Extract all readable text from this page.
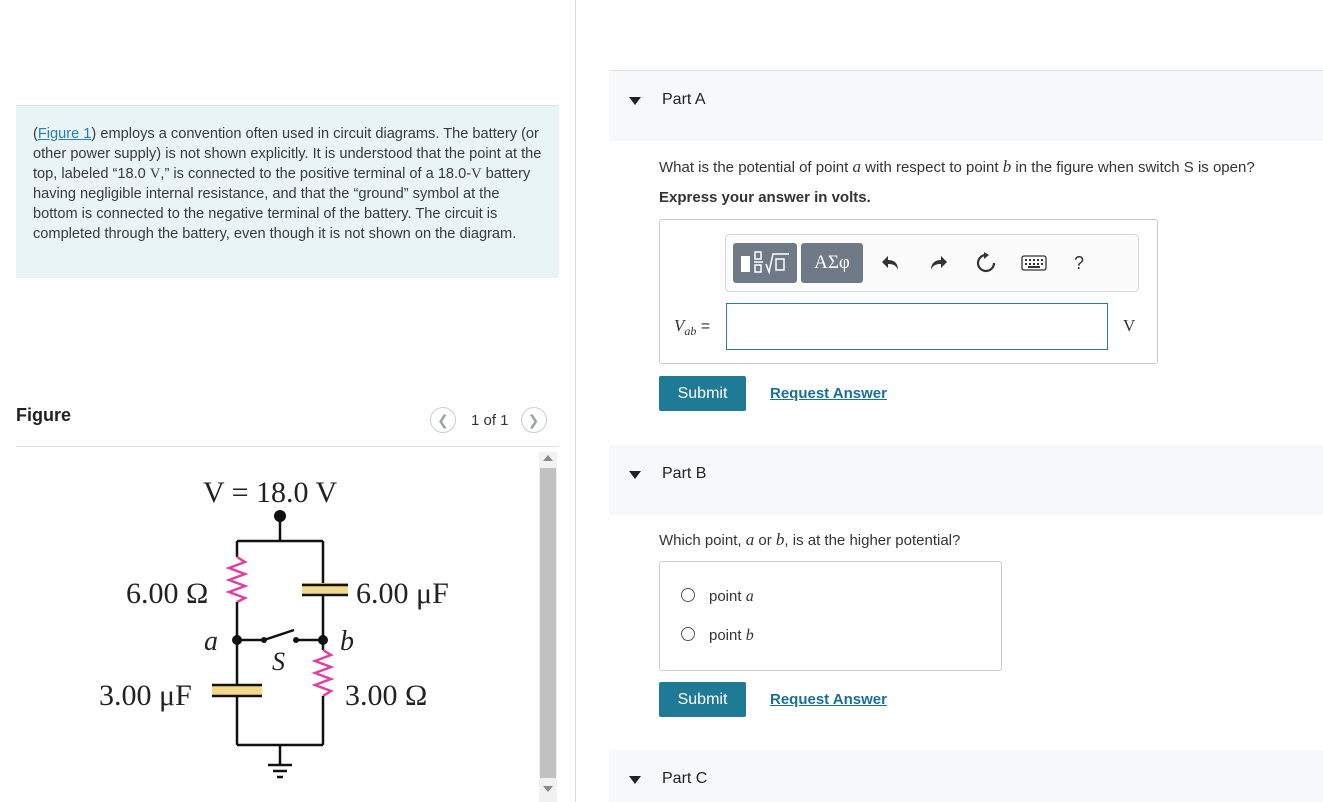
(Figure 1) employs a convention often used in circuit diagrams. The battery (or other power supply) is not shown explicitly. It is understood that the point at the top, labeled “18.0 V,” is connected to the positive terminal of a 18.0-V battery having negligible internal resistance, and that the “ground” symbol at the bottom is connected to the negative terminal of the battery. The circuit is completed through the battery, even though it is not shown on the diagram.
Figure	❮ 1 of 1 ❯
V = 18.0 V
6.00 Ω	6.00 μF
a	b
S
3.00 μF	3.00 Ω
Part A
What is the potential of point a with respect to point b in the figure when switch S is open?
Express your answer in volts.
ΑΣφ	?
$V_{ab}$ =	V
Submit	Request Answer
Part B
Which point, a or b, is at the higher potential?
point a
point b
Submit	Request Answer
Part C
